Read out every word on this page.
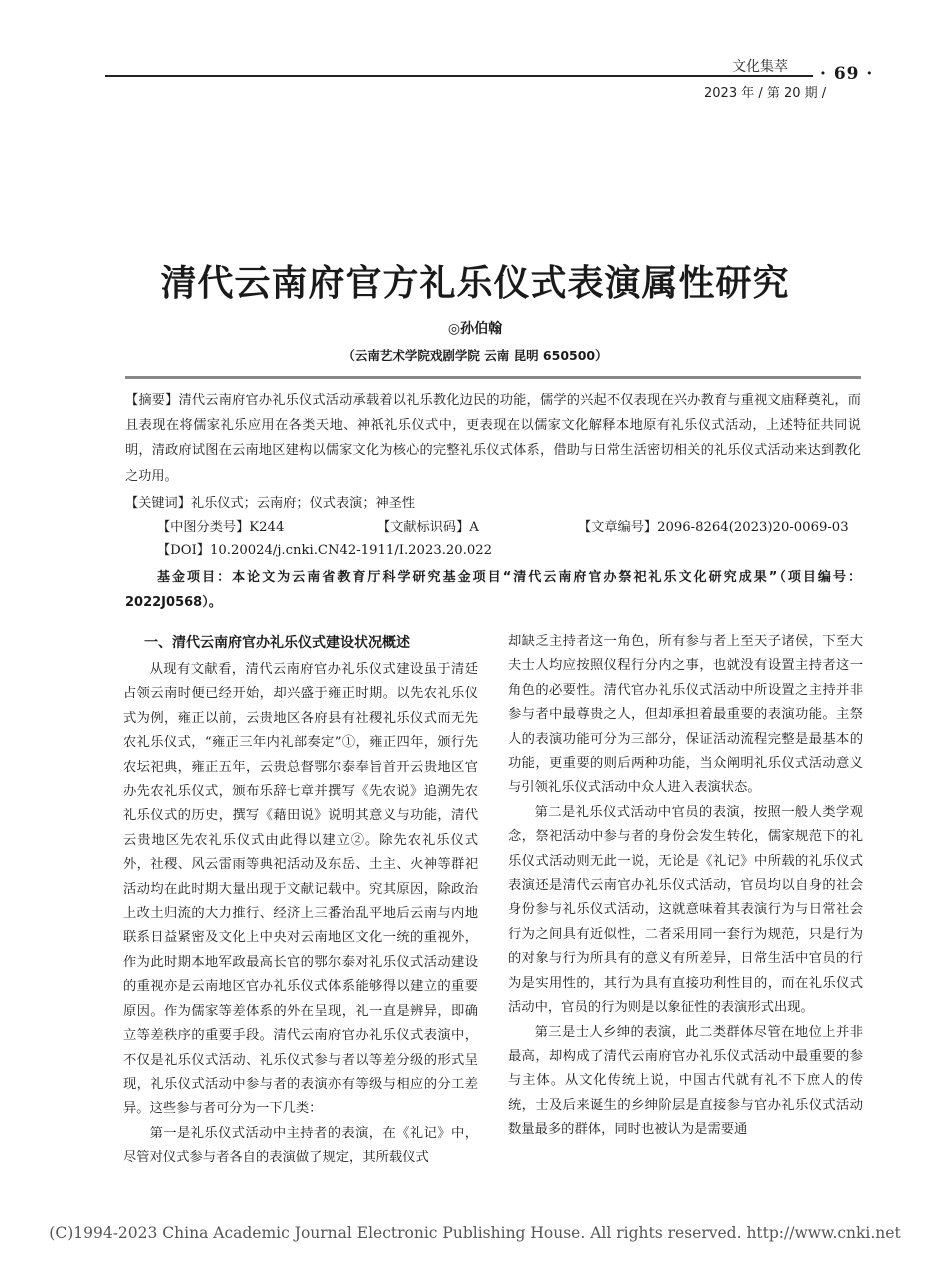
文化集萃 · 69 ·
2023 年 / 第 20 期 /
清代云南府官方礼乐仪式表演属性研究
◎孙伯翰
（云南艺术学院戏剧学院 云南 昆明 650500）
【摘要】清代云南府官办礼乐仪式活动承载着以礼乐教化边民的功能，儒学的兴起不仅表现在兴办教育与重视文庙释奠礼，而且表现在将儒家礼乐应用在各类天地、神祇礼乐仪式中，更表现在以儒家文化解释本地原有礼乐仪式活动，上述特征共同说明，清政府试图在云南地区建构以儒家文化为核心的完整礼乐仪式体系，借助与日常生活密切相关的礼乐仪式活动来达到教化之功用。
【关键词】礼乐仪式；云南府；仪式表演；神圣性
【中图分类号】K244	【文献标识码】A	【文章编号】2096-8264(2023)20-0069-03
【DOI】10.20024/j.cnki.CN42-1911/I.2023.20.022
基金项目：本论文为云南省教育厅科学研究基金项目“清代云南府官办祭祀礼乐文化研究成果”（项目编号：2022J0568）。
一、清代云南府官办礼乐仪式建设状况概述

从现有文献看，清代云南府官办礼乐仪式建设虽于清廷占领云南时便已经开始，却兴盛于雍正时期。以先农礼乐仪式为例，雍正以前，云贵地区各府县有社稷礼乐仪式而无先农礼乐仪式，“雍正三年内礼部奏定”①，雍正四年，颁行先农坛祀典，雍正五年，云贵总督鄂尔泰奉旨首开云贵地区官办先农礼乐仪式，颁布乐辞七章并撰写《先农说》追溯先农礼乐仪式的历史，撰写《藉田说》说明其意义与功能，清代云贵地区先农礼乐仪式由此得以建立②。除先农礼乐仪式外，社稷、风云雷雨等典祀活动及东岳、土主、火神等群祀活动均在此时期大量出现于文献记载中。究其原因，除政治上改土归流的大力推行、经济上三番治乱平地后云南与内地联系日益紧密及文化上中央对云南地区文化一统的重视外，作为此时期本地军政最高长官的鄂尔泰对礼乐仪式活动建设的重视亦是云南地区官办礼乐仪式体系能够得以建立的重要原因。作为儒家等差体系的外在呈现，礼一直是辨异，即确立等差秩序的重要手段。清代云南府官办礼乐仪式表演中，不仅是礼乐仪式活动、礼乐仪式参与者以等差分级的形式呈现，礼乐仪式活动中参与者的表演亦有等级与相应的分工差异。这些参与者可分为一下几类：

第一是礼乐仪式活动中主持者的表演，在《礼记》中，尽管对仪式参与者各自的表演做了规定，其所载仪式

却缺乏主持者这一角色，所有参与者上至天子诸侯，下至大夫士人均应按照仪程行分内之事，也就没有设置主持者这一角色的必要性。清代官办礼乐仪式活动中所设置之主持并非参与者中最尊贵之人，但却承担着最重要的表演功能。主祭人的表演功能可分为三部分，保证活动流程完整是最基本的功能，更重要的则后两种功能，当众阐明礼乐仪式活动意义与引领礼乐仪式活动中众人进入表演状态。

第二是礼乐仪式活动中官员的表演，按照一般人类学观念，祭祀活动中参与者的身份会发生转化，儒家规范下的礼乐仪式活动则无此一说，无论是《礼记》中所载的礼乐仪式表演还是清代云南官办礼乐仪式活动，官员均以自身的社会身份参与礼乐仪式活动，这就意味着其表演行为与日常社会行为之间具有近似性，二者采用同一套行为规范，只是行为的对象与行为所具有的意义有所差异，日常生活中官员的行为是实用性的，其行为具有直接功利性目的，而在礼乐仪式活动中，官员的行为则是以象征性的表演形式出现。

第三是士人乡绅的表演，此二类群体尽管在地位上并非最高，却构成了清代云南府官办礼乐仪式活动中最重要的参与主体。从文化传统上说，中国古代就有礼不下庶人的传统，士及后来诞生的乡绅阶层是直接参与官办礼乐仪式活动数量最多的群体，同时也被认为是需要通

(C)1994-2023 China Academic Journal Electronic Publishing House. All rights reserved. http://www.cnki.net
